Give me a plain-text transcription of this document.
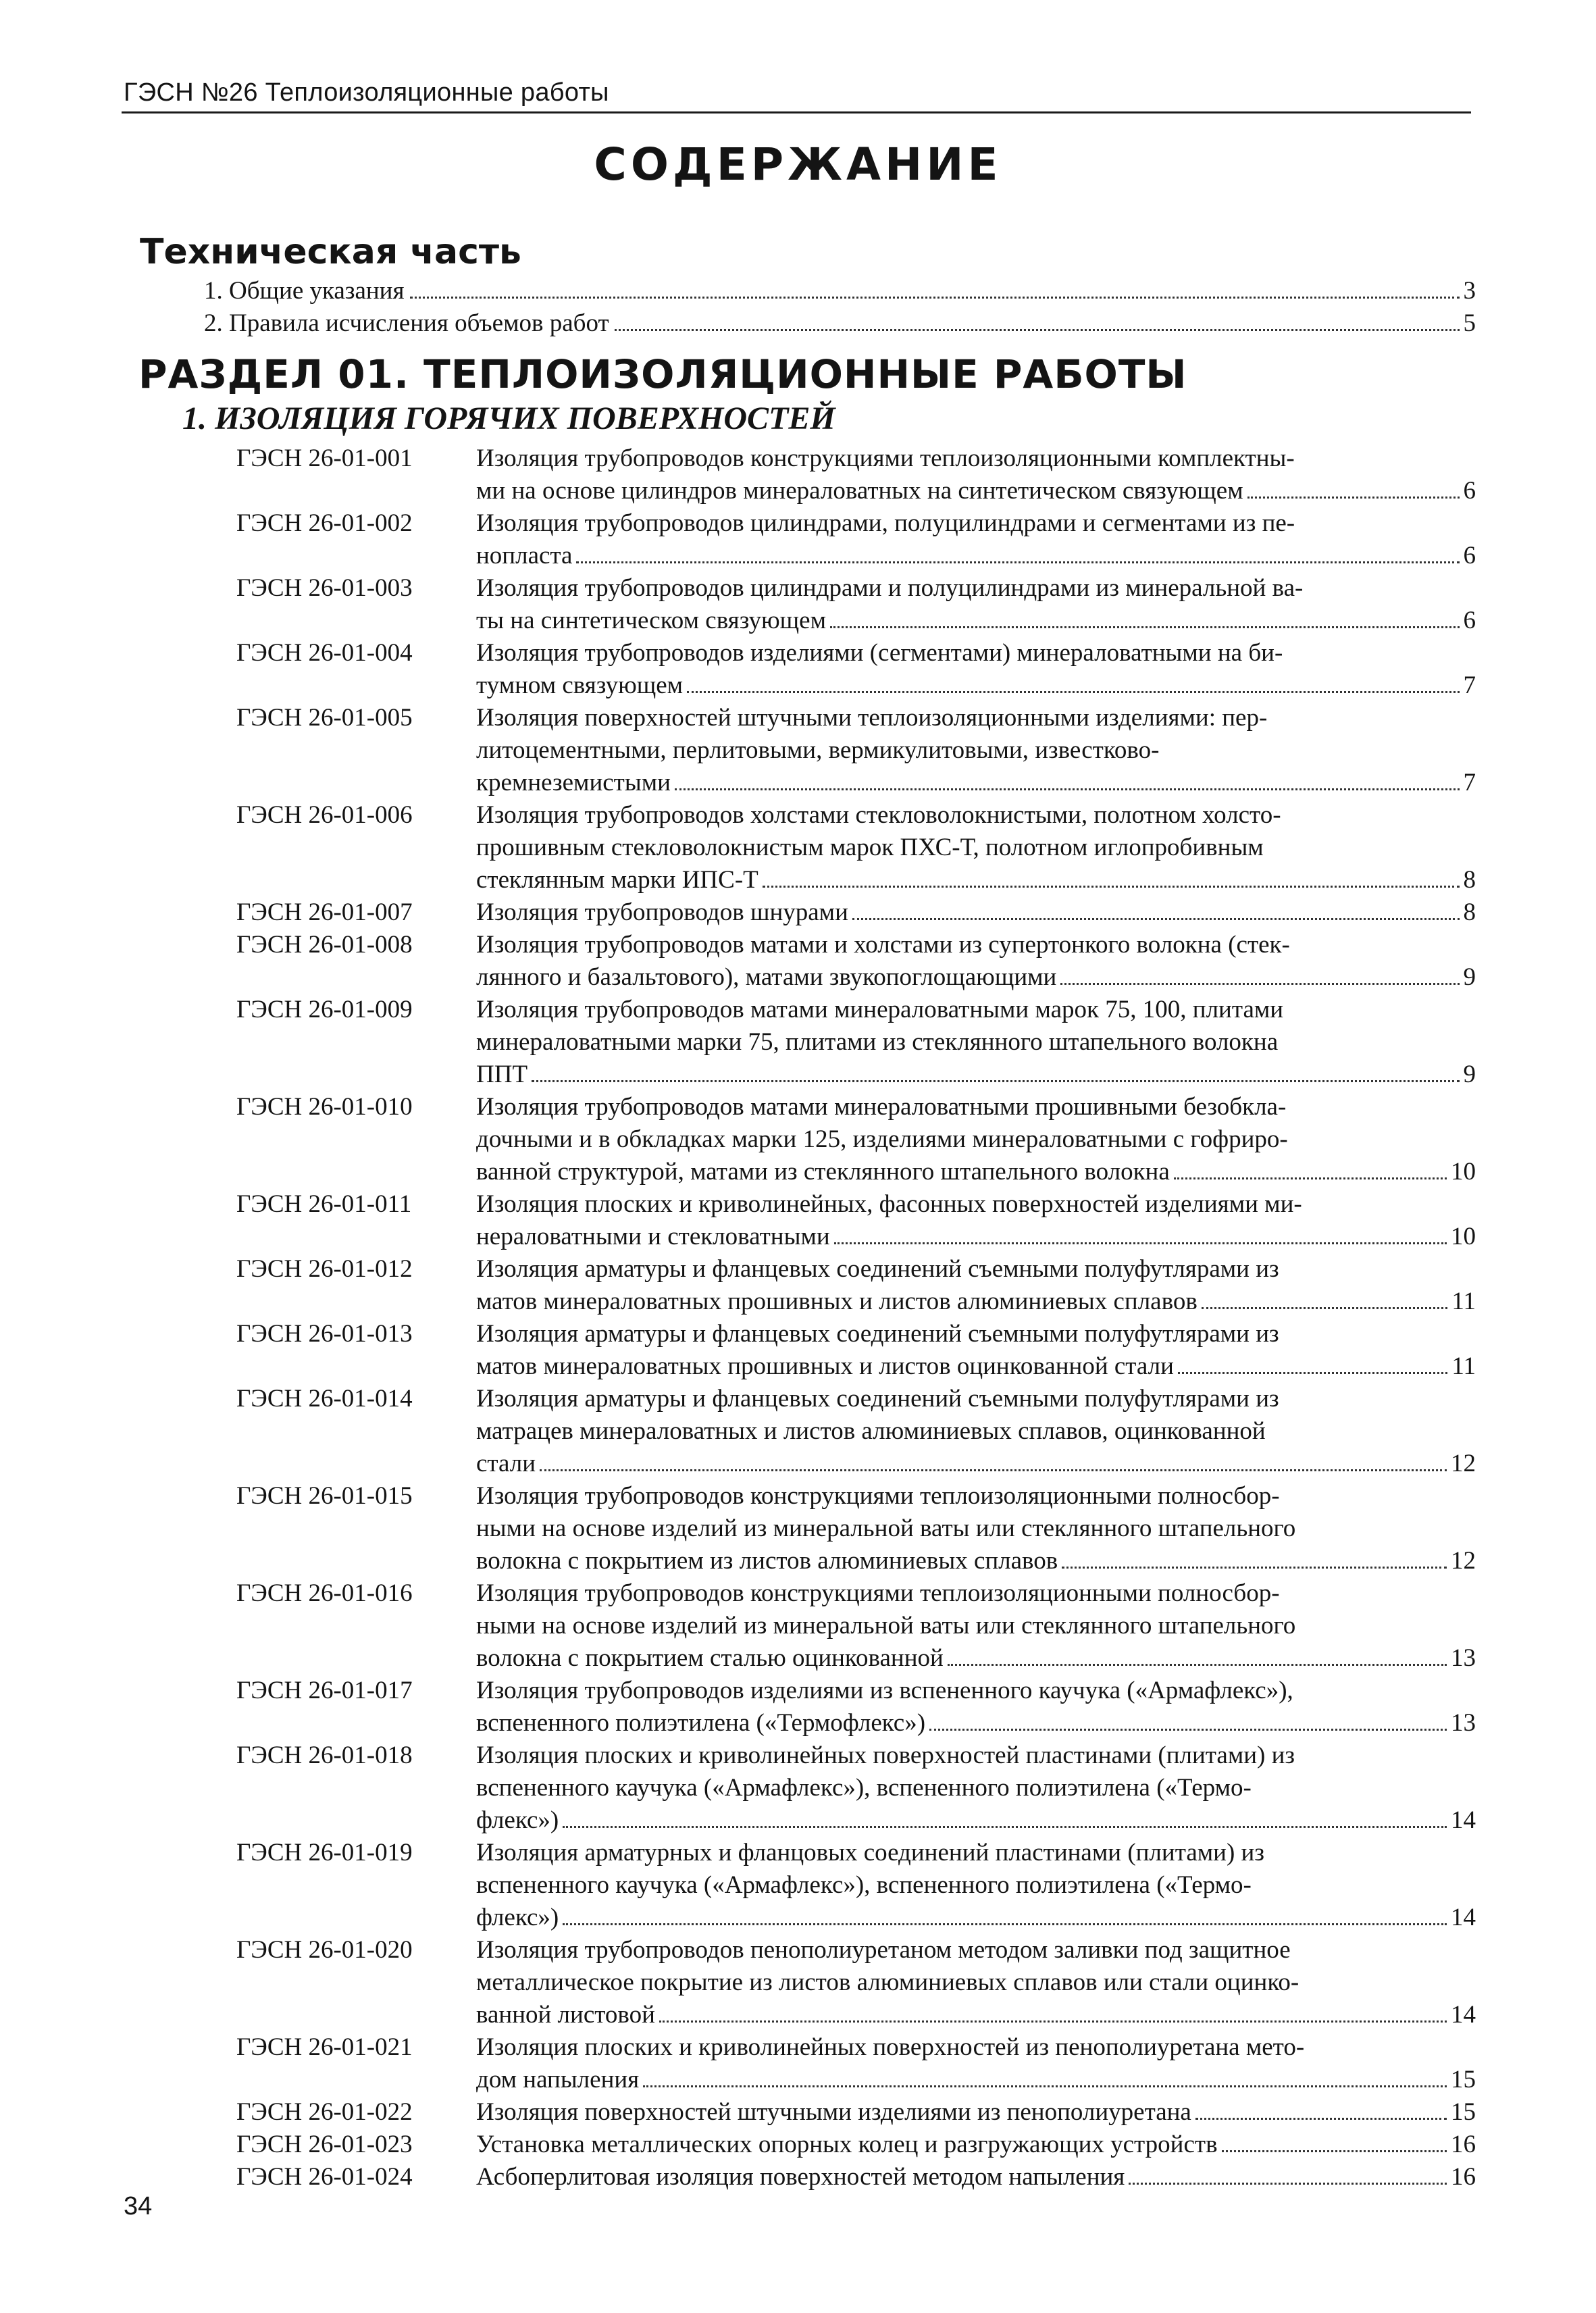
ГЭСН №26 Теплоизоляционные работы
СОДЕРЖАНИЕ
Техническая часть
1. Общие указания	3
2. Правила исчисления объемов работ	5
РАЗДЕЛ 01. ТЕПЛОИЗОЛЯЦИОННЫЕ РАБОТЫ
1. ИЗОЛЯЦИЯ ГОРЯЧИХ ПОВЕРХНОСТЕЙ
ГЭСН 26-01-001	Изоляция трубопроводов конструкциями теплоизоляционными комплектны-
ми на основе цилиндров минераловатных на синтетическом связующем	6
ГЭСН 26-01-002	Изоляция трубопроводов цилиндрами, полуцилиндрами и сегментами из пе-
нопласта	6
ГЭСН 26-01-003	Изоляция трубопроводов цилиндрами и полуцилиндрами из минеральной ва-
ты на синтетическом связующем	6
ГЭСН 26-01-004	Изоляция трубопроводов изделиями (сегментами) минераловатными на би-
тумном связующем	7
ГЭСН 26-01-005	Изоляция поверхностей штучными теплоизоляционными изделиями: пер-
литоцементными, перлитовыми, вермикулитовыми, известково-
кремнеземистыми	7
ГЭСН 26-01-006	Изоляция трубопроводов холстами стекловолокнистыми, полотном холсто-
прошивным стекловолокнистым марок ПХС-Т, полотном иглопробивным
стеклянным марки ИПС-Т	8
ГЭСН 26-01-007	Изоляция трубопроводов шнурами	8
ГЭСН 26-01-008	Изоляция трубопроводов матами и холстами из супертонкого волокна (стек-
лянного и базальтового), матами звукопоглощающими	9
ГЭСН 26-01-009	Изоляция трубопроводов матами минераловатными марок 75, 100, плитами
минераловатными марки 75, плитами из стеклянного штапельного волокна
ППТ	9
ГЭСН 26-01-010	Изоляция трубопроводов матами минераловатными прошивными безобкла-
дочными и в обкладках марки 125, изделиями минераловатными с гофриро-
ванной структурой, матами из стеклянного штапельного волокна	10
ГЭСН 26-01-011	Изоляция плоских и криволинейных, фасонных поверхностей изделиями ми-
нераловатными и стекловатными	10
ГЭСН 26-01-012	Изоляция арматуры и фланцевых соединений съемными полуфутлярами из
матов минераловатных прошивных и листов алюминиевых сплавов	11
ГЭСН 26-01-013	Изоляция арматуры и фланцевых соединений съемными полуфутлярами из
матов минераловатных прошивных и листов оцинкованной стали	11
ГЭСН 26-01-014	Изоляция арматуры и фланцевых соединений съемными полуфутлярами из
матрацев минераловатных и листов алюминиевых сплавов, оцинкованной
стали	12
ГЭСН 26-01-015	Изоляция трубопроводов конструкциями теплоизоляционными полносбор-
ными на основе изделий из минеральной ваты или стеклянного штапельного
волокна с покрытием из листов алюминиевых сплавов	12
ГЭСН 26-01-016	Изоляция трубопроводов конструкциями теплоизоляционными полносбор-
ными на основе изделий из минеральной ваты или стеклянного штапельного
волокна с покрытием сталью оцинкованной	13
ГЭСН 26-01-017	Изоляция трубопроводов изделиями из вспененного каучука («Армафлекс»),
вспененного полиэтилена («Термофлекс»)	13
ГЭСН 26-01-018	Изоляция плоских и криволинейных поверхностей пластинами (плитами) из
вспененного каучука («Армафлекс»), вспененного полиэтилена («Термо-
флекс»)	14
ГЭСН 26-01-019	Изоляция арматурных и фланцовых соединений пластинами (плитами) из
вспененного каучука («Армафлекс»), вспененного полиэтилена («Термо-
флекс»)	14
ГЭСН 26-01-020	Изоляция трубопроводов пенополиуретаном методом заливки под защитное
металлическое покрытие из листов алюминиевых сплавов или стали оцинко-
ванной листовой	14
ГЭСН 26-01-021	Изоляция плоских и криволинейных поверхностей из пенополиуретана мето-
дом напыления	15
ГЭСН 26-01-022	Изоляция поверхностей штучными изделиями из пенополиуретана	15
ГЭСН 26-01-023	Установка металлических опорных колец и разгружающих устройств	16
ГЭСН 26-01-024	Асбоперлитовая изоляция поверхностей методом напыления	16
34
